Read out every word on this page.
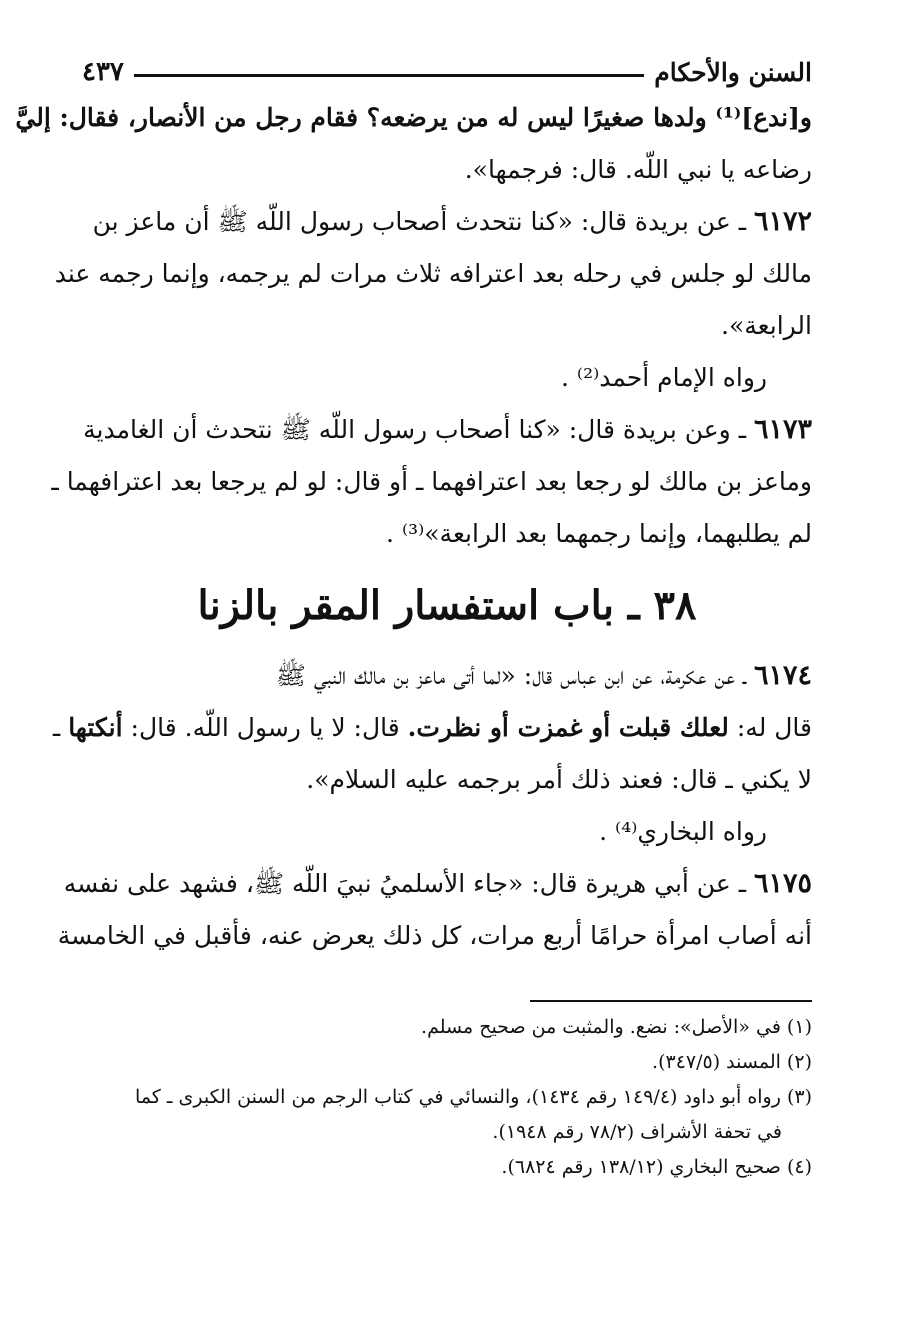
السنن والأحكام
٤٣٧

و[ندع]⁽¹⁾ ولدها صغيرًا ليس له من يرضعه؟ فقام رجل من الأنصار، فقال: إليَّ
رضاعه يا نبي اللّه. قال: فرجمها».

٦١٧٢ ـ عن بريدة قال: «كنا نتحدث أصحاب رسول اللّه ﷺ أن ماعز بن
مالك لو جلس في رحله بعد اعترافه ثلاث مرات لم يرجمه، وإنما رجمه عند
الرابعة».

رواه الإمام أحمد⁽²⁾ .

٦١٧٣ ـ وعن بريدة قال: «كنا أصحاب رسول اللّه ﷺ نتحدث أن الغامدية
وماعز بن مالك لو رجعا بعد اعترافهما ـ أو قال: لو لم يرجعا بعد اعترافهما ـ
لم يطلبهما، وإنما رجمهما بعد الرابعة»⁽³⁾ .

٣٨ ـ باب استفسار المقر بالزنا

٦١٧٤ ـ عن عكرمة، عن ابن عباس قال: «لما أتى ماعز بن مالك النبي ﷺ
قال له: لعلك قبلت أو غمزت أو نظرت. قال: لا يا رسول اللّه. قال: أنكتها ـ
لا يكني ـ قال: فعند ذلك أمر برجمه عليه السلام».

رواه البخاري⁽⁴⁾ .

٦١٧٥ ـ عن أبي هريرة قال: «جاء الأسلميُ نبيَ اللّه ﷺ، فشهد على نفسه
أنه أصاب امرأة حرامًا أربع مرات، كل ذلك يعرض عنه، فأقبل في الخامسة

(١) في «الأصل»: نضع. والمثبت من صحيح مسلم.
(٢) المسند (٣٤٧/٥).
(٣) رواه أبو داود (١٤٩/٤ رقم ١٤٣٤)، والنسائي في كتاب الرجم من السنن الكبرى ـ كما
في تحفة الأشراف (٧٨/٢ رقم ١٩٤٨).
(٤) صحيح البخاري (١٣٨/١٢ رقم ٦٨٢٤).
